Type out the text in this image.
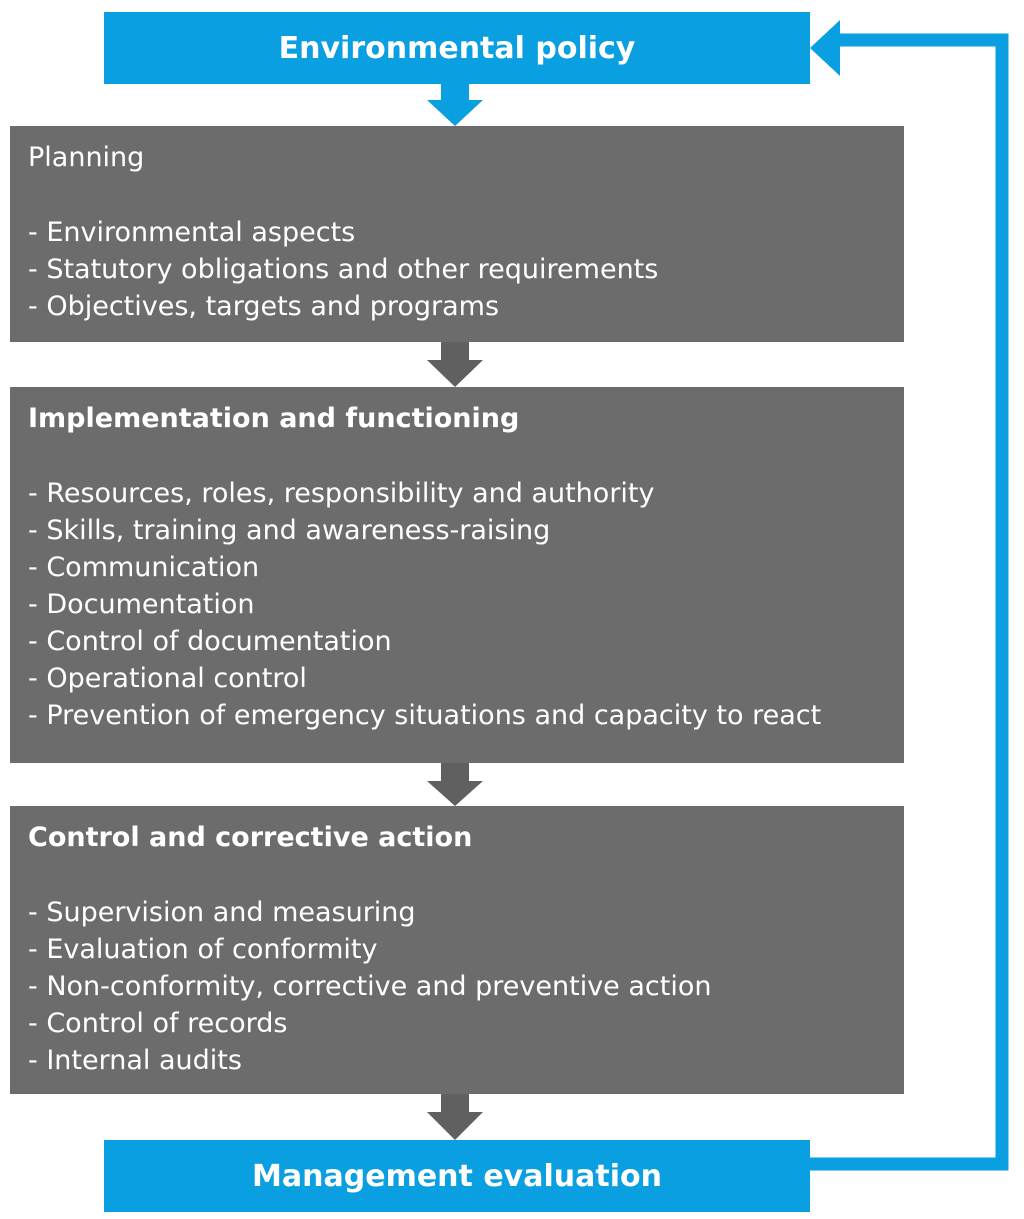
Environmental policy
Planning
- Environmental aspects
- Statutory obligations and other requirements
- Objectives, targets and programs
Implementation and functioning
- Resources, roles, responsibility and authority
- Skills, training and awareness-raising
- Communication
- Documentation
- Control of documentation
- Operational control
- Prevention of emergency situations and capacity to react
Control and corrective action
- Supervision and measuring
- Evaluation of conformity
- Non-conformity, corrective and preventive action
- Control of records
- Internal audits
Management evaluation
